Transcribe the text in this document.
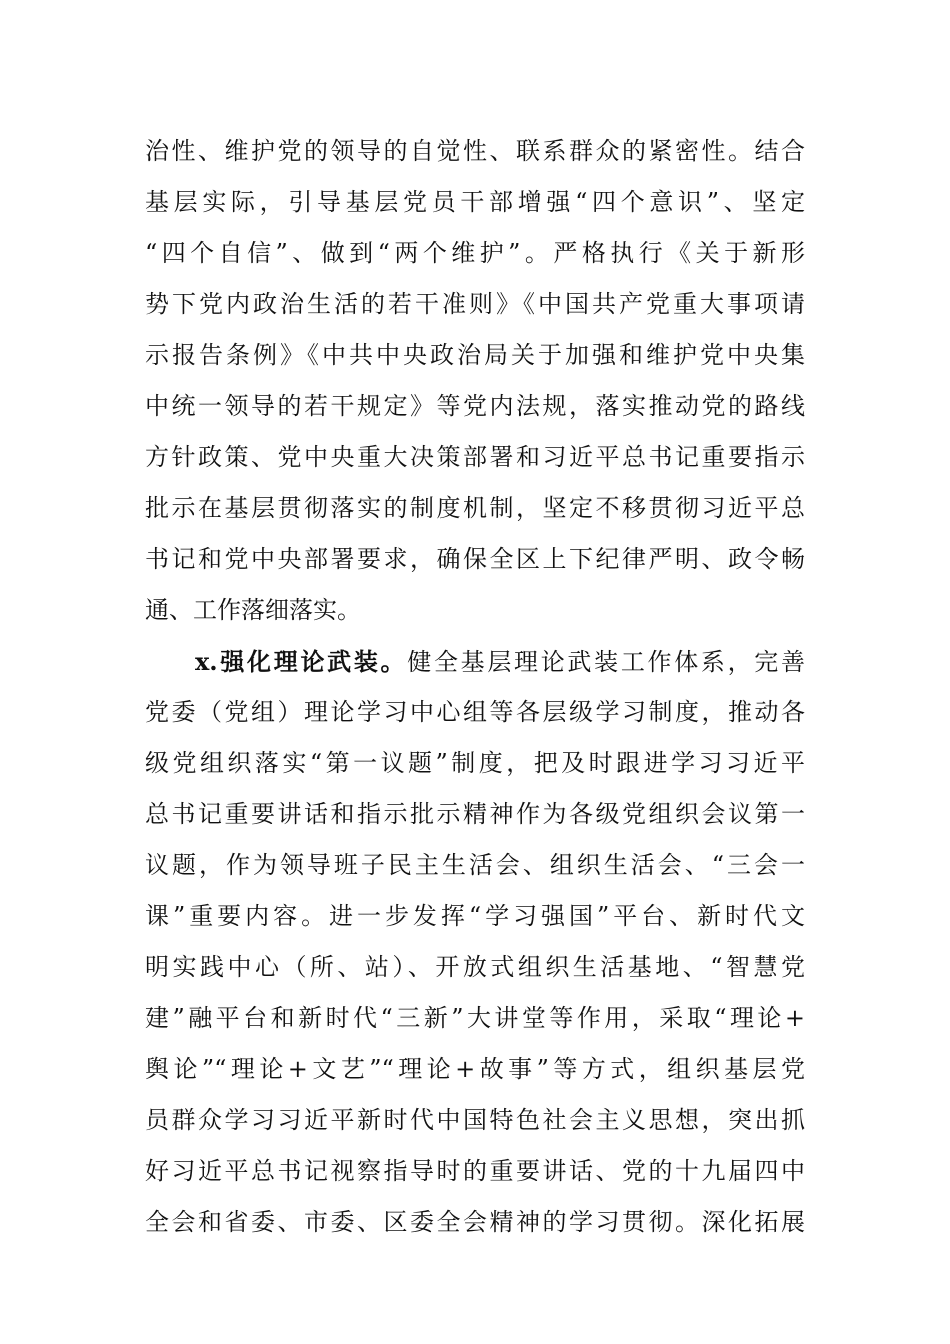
治性、维护党的领导的自觉性、联系群众的紧密性。结合
基层实际，引导基层党员干部增强“四个意识”、坚定
“四个自信”、做到“两个维护”。严格执行《关于新形
势下党内政治生活的若干准则》《中国共产党重大事项请
示报告条例》《中共中央政治局关于加强和维护党中央集
中统一领导的若干规定》等党内法规，落实推动党的路线
方针政策、党中央重大决策部署和习近平总书记重要指示
批示在基层贯彻落实的制度机制，坚定不移贯彻习近平总
书记和党中央部署要求，确保全区上下纪律严明、政令畅
通、工作落细落实。
x.强化理论武装。健全基层理论武装工作体系，完善
党委（党组）理论学习中心组等各层级学习制度，推动各
级党组织落实“第一议题”制度，把及时跟进学习习近平
总书记重要讲话和指示批示精神作为各级党组织会议第一
议题，作为领导班子民主生活会、组织生活会、“三会一
课”重要内容。进一步发挥“学习强国”平台、新时代文
明实践中心（所、站）、开放式组织生活基地、“智慧党
建”融平台和新时代“三新”大讲堂等作用，采取“理论+
舆论”“理论+文艺”“理论+故事”等方式，组织基层党
员群众学习习近平新时代中国特色社会主义思想，突出抓
好习近平总书记视察指导时的重要讲话、党的十九届四中
全会和省委、市委、区委全会精神的学习贯彻。深化拓展
